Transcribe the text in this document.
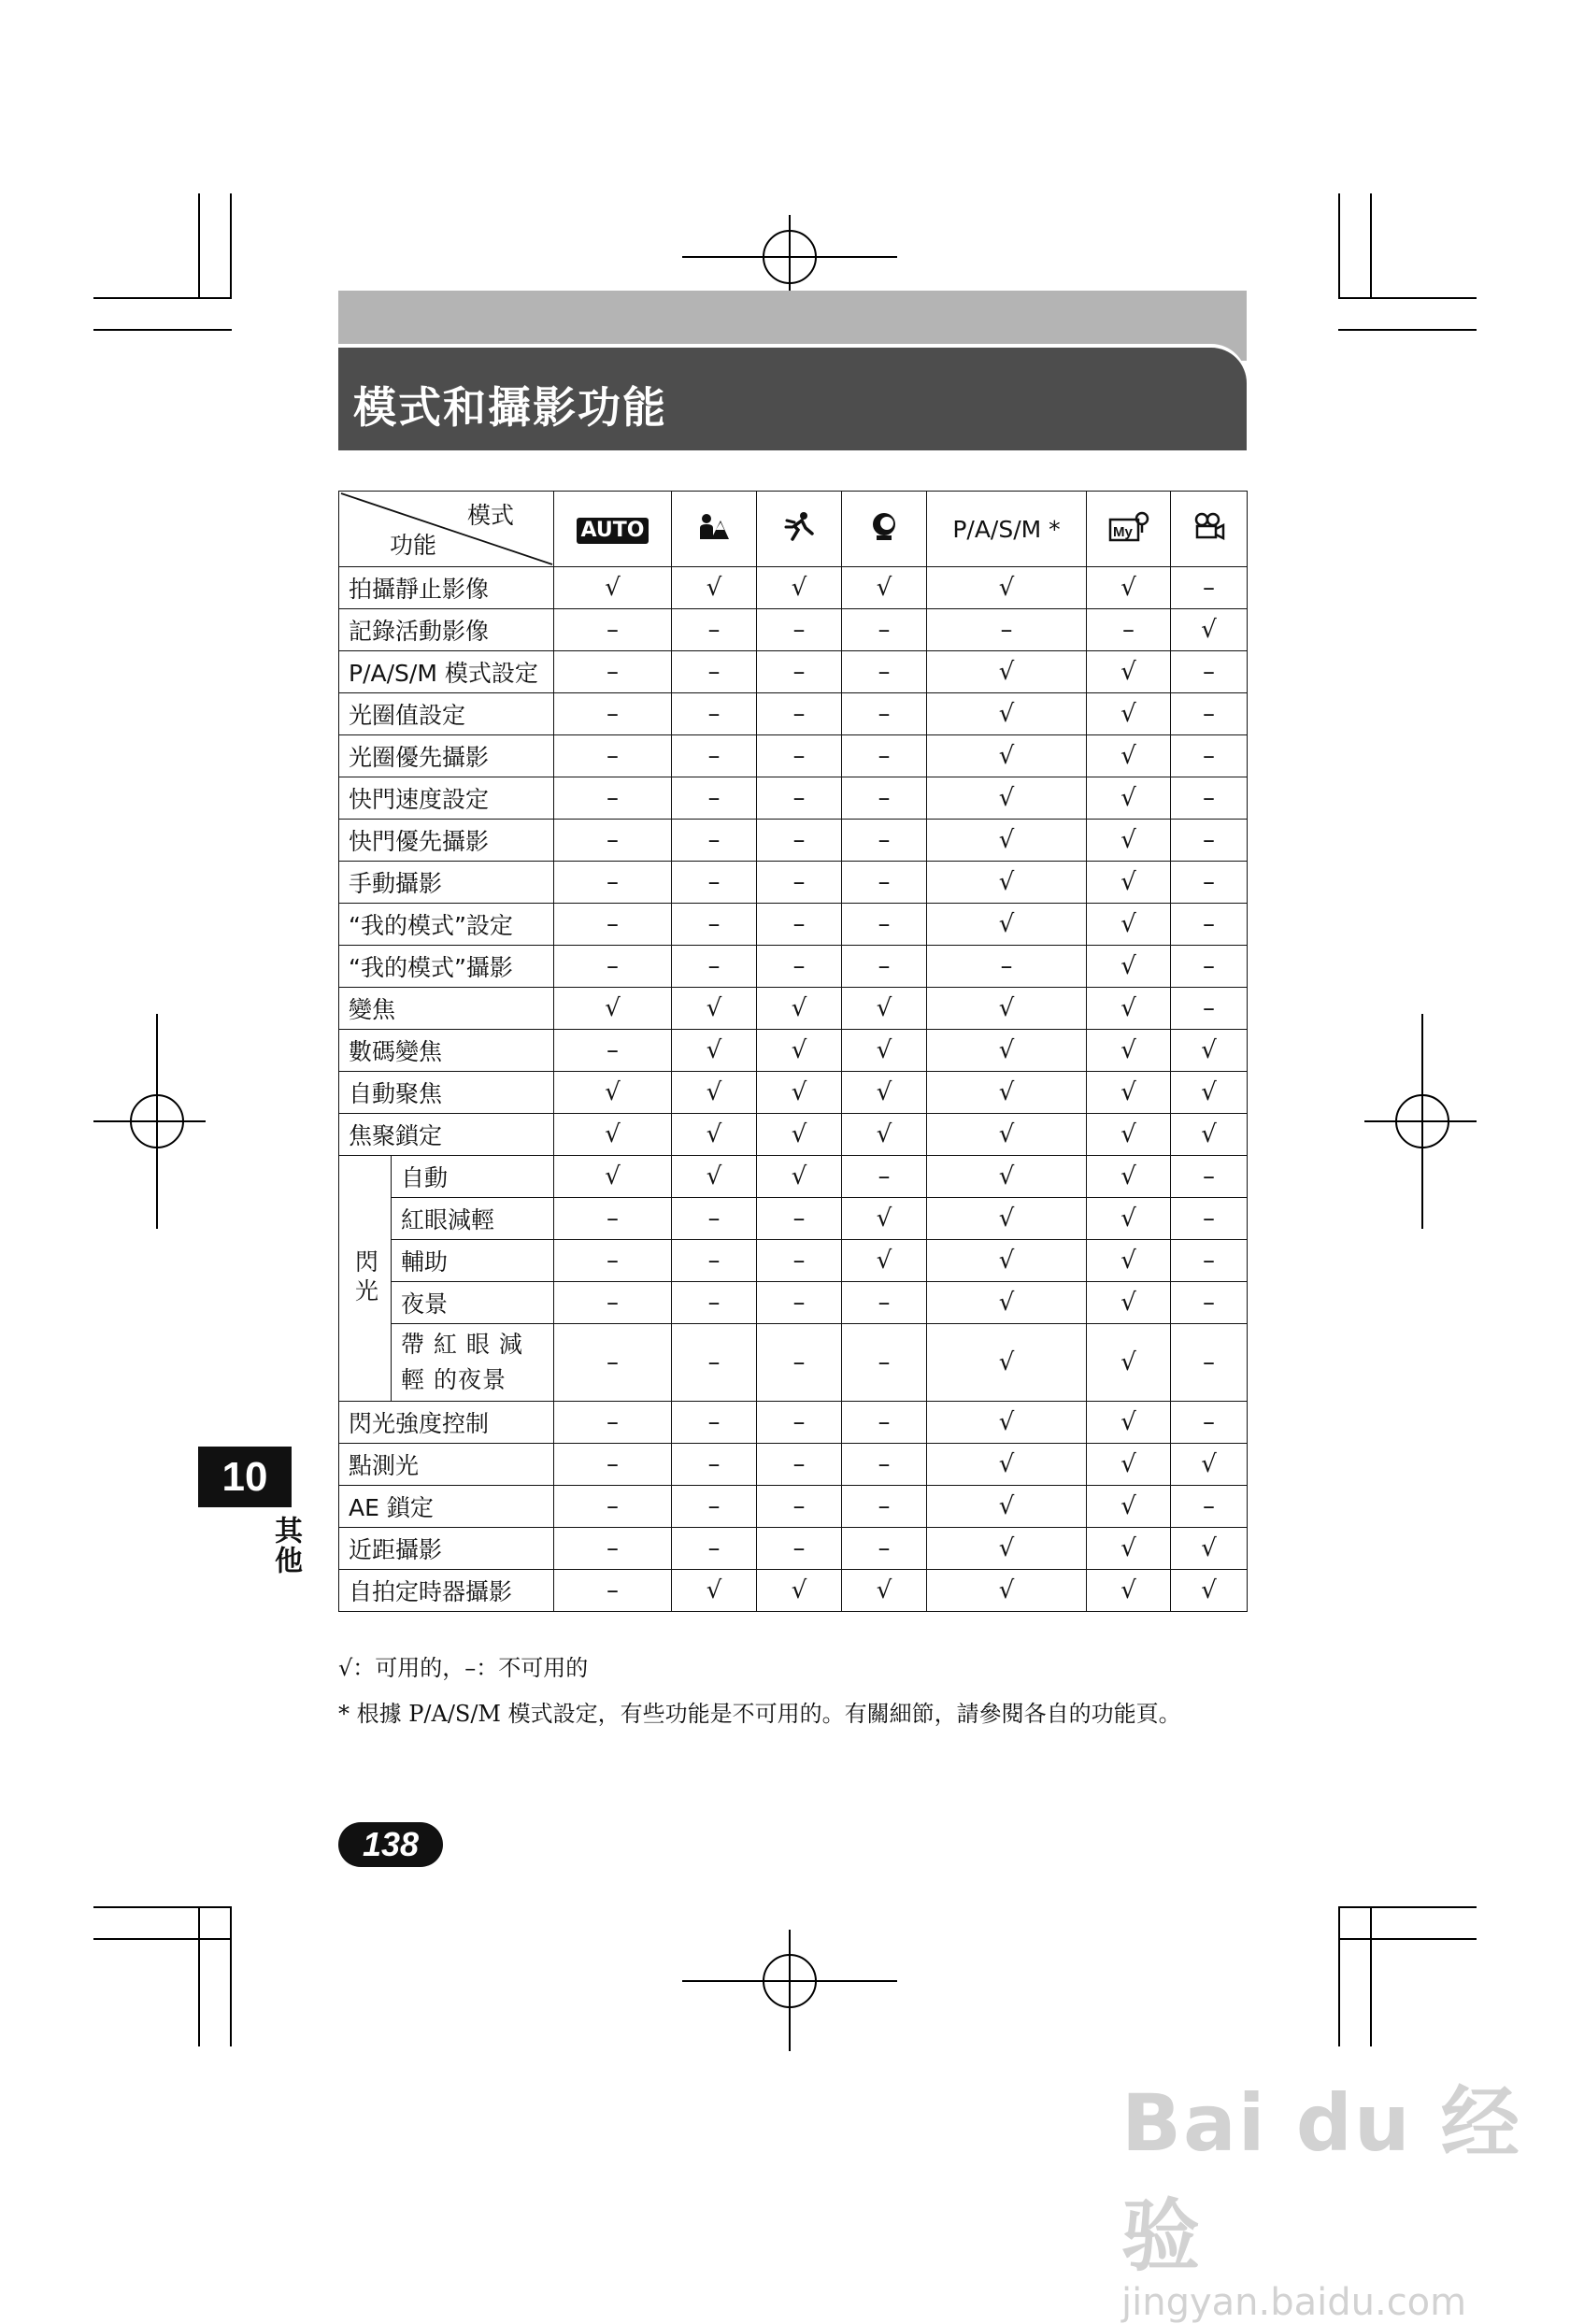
模式和攝影功能
模式
功能		AUTO				P/A/S/M *	My

拍攝靜止影像		√	√	√	√	√	√	–
記錄活動影像		–	–	–	–	–	–	√
P/A/S/M 模式設定		–	–	–	–	√	√	–
光圈值設定		–	–	–	–	√	√	–
光圈優先攝影		–	–	–	–	√	√	–
快門速度設定		–	–	–	–	√	√	–
快門優先攝影		–	–	–	–	√	√	–
手動攝影		–	–	–	–	√	√	–
“我的模式”設定		–	–	–	–	√	√	–
“我的模式”攝影		–	–	–	–	–	√	–
變焦		√	√	√	√	√	√	–
數碼變焦		–	√	√	√	√	√	√
自動聚焦		√	√	√	√	√	√	√
焦聚鎖定		√	√	√	√	√	√	√

閃光	自動	√	√	√	–	√	√	–
	紅眼減輕	–	–	–	√	√	√	–
	輔助	–	–	–	√	√	√	–
	夜景	–	–	–	–	√	√	–
	帶 紅 眼 減 輕 的夜景	–	–	–	–	√	√	–
閃光強度控制		–	–	–	–	√	√	–
點測光		–	–	–	–	√	√	√
AE 鎖定		–	–	–	–	√	√	–
近距攝影		–	–	–	–	√	√	√
自拍定時器攝影		–	√	√	√	√	√	√
√：可用的，–：不可用的
* 根據 P/A/S/M 模式設定，有些功能是不可用的。有關細節，請參閱各自的功能頁。
10
其他
138
Bai du 经验
jingyan.baidu.com
